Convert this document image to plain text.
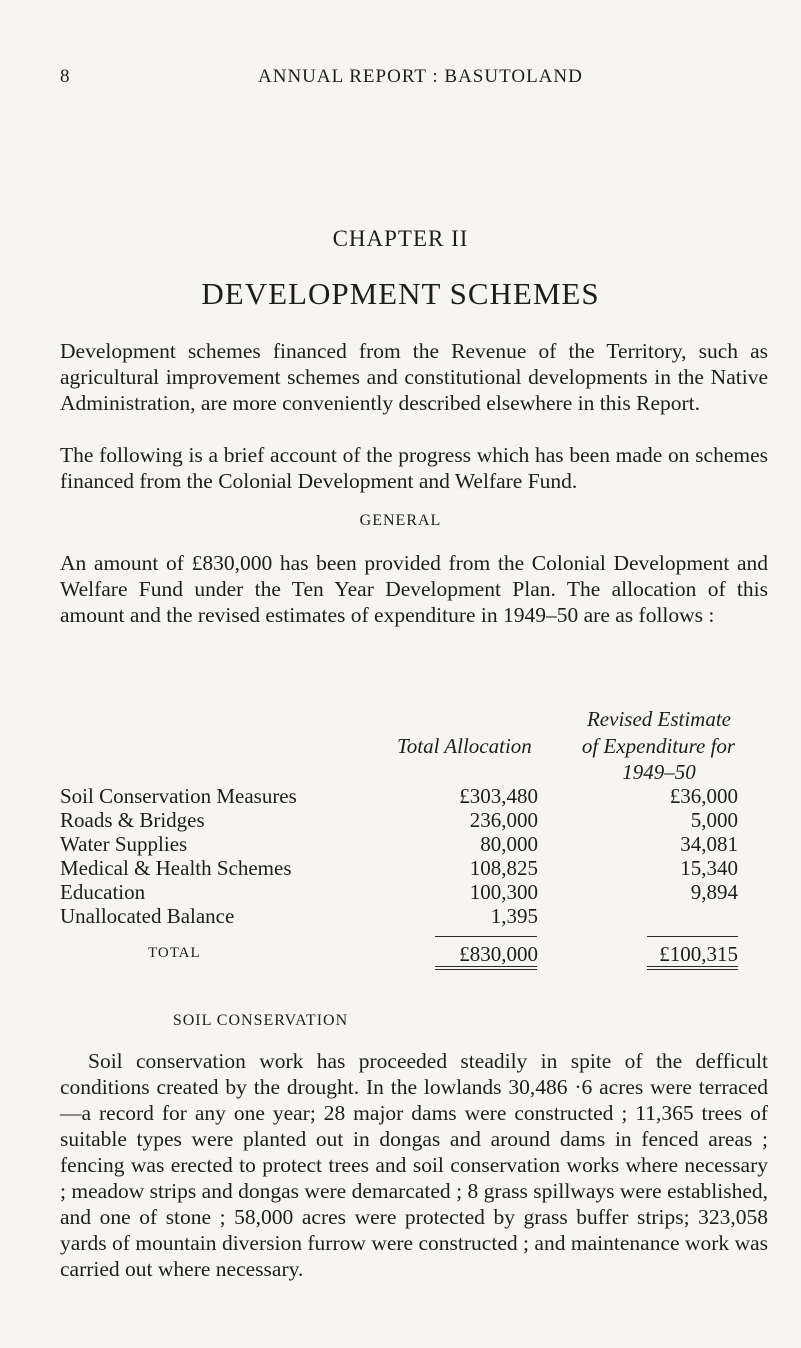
8	ANNUAL REPORT : BASUTOLAND
CHAPTER II
DEVELOPMENT SCHEMES
Development schemes financed from the Revenue of the Territory, such as agricultural improvement schemes and constitutional developments in the Native Administration, are more conveniently described elsewhere in this Report.
The following is a brief account of the progress which has been made on schemes financed from the Colonial Development and Welfare Fund.
GENERAL
An amount of £830,000 has been provided from the Colonial Development and Welfare Fund under the Ten Year Development Plan. The allocation of this amount and the revised estimates of expenditure in 1949–50 are as follows :
Total Allocation
Revised Estimate
of Expenditure for
1949–50
Soil Conservation Measures	£303,480	£36,000
Roads & Bridges	236,000	5,000
Water Supplies	80,000	34,081
Medical & Health Schemes	108,825	15,340
Education	100,300	9,894
Unallocated Balance	1,395	
TOTAL	£830,000	£100,315
SOIL CONSERVATION
Soil conservation work has proceeded steadily in spite of the defficult conditions created by the drought. In the lowlands 30,486 ·6 acres were terraced—a record for any one year; 28 major dams were constructed ; 11,365 trees of suitable types were planted out in dongas and around dams in fenced areas ; fencing was erected to protect trees and soil conservation works where necessary ; meadow strips and dongas were demarcated ; 8 grass spillways were established, and one of stone ; 58,000 acres were protected by grass buffer strips; 323,058 yards of mountain diversion furrow were constructed ; and maintenance work was carried out where necessary.
